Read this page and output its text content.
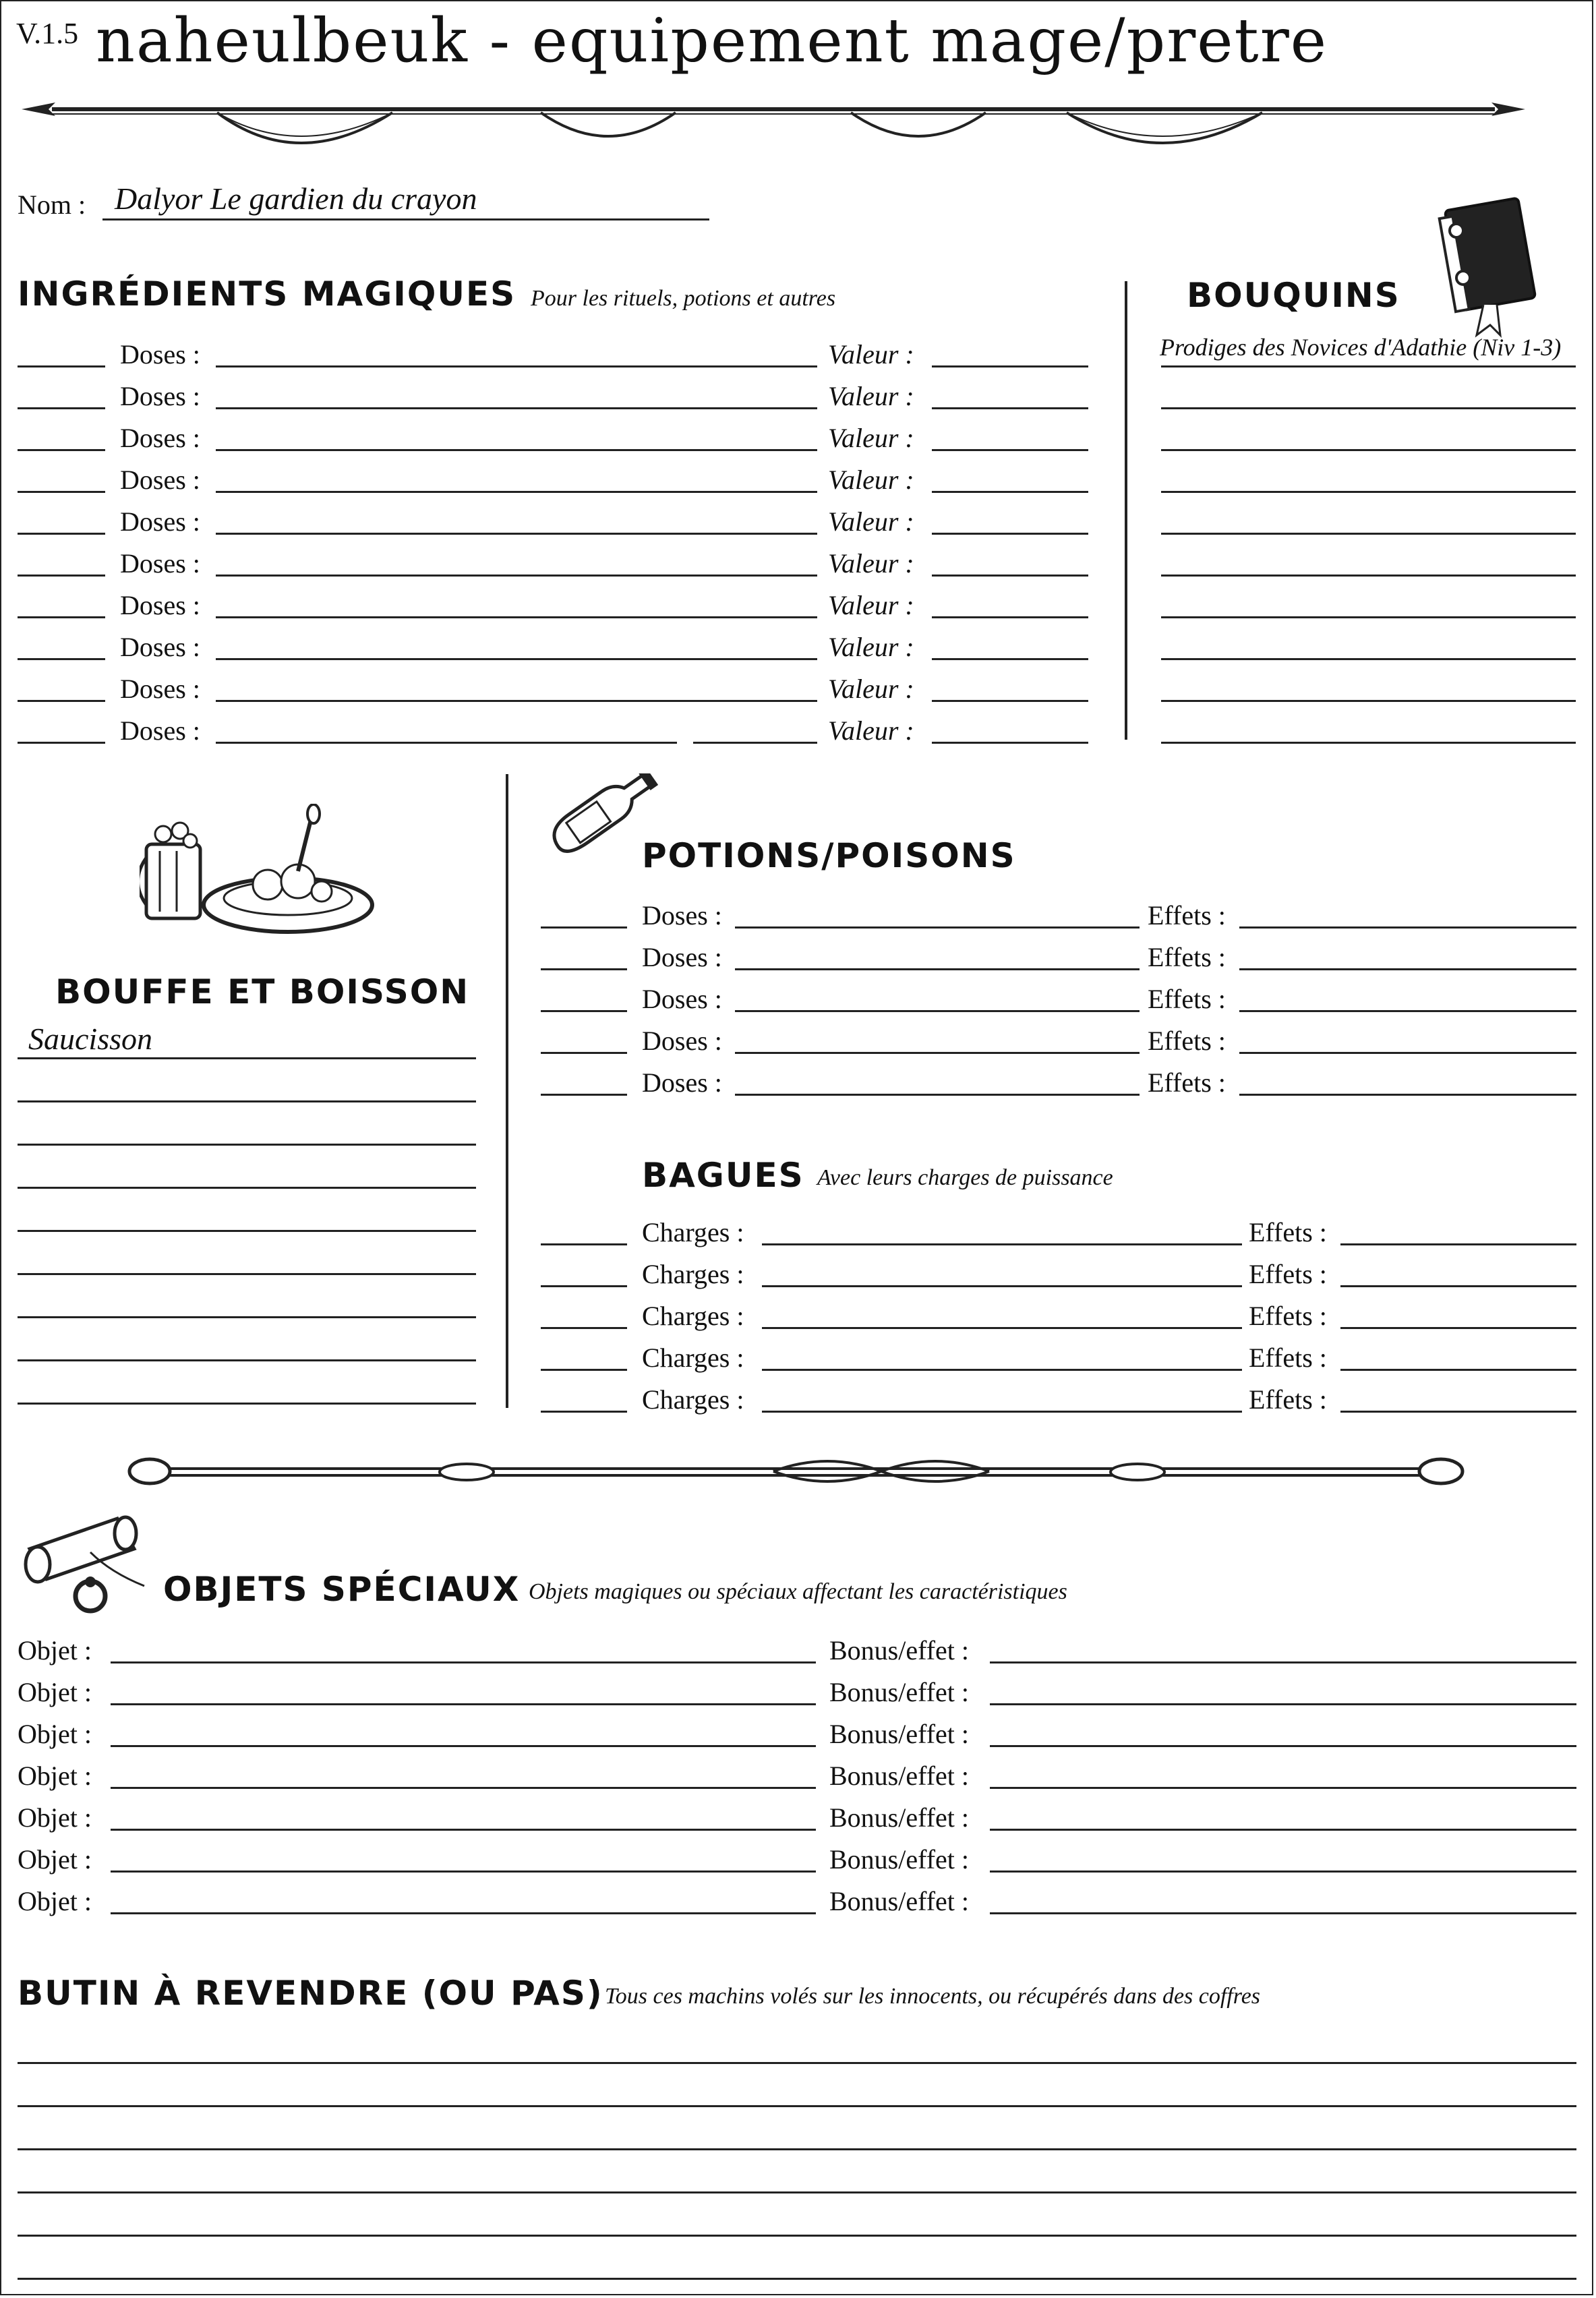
V.1.5 naheulbeuk - equipement mage/pretre
Nom : Dalyor Le gardien du crayon
INGRÉDIENTS MAGIQUES Pour les rituels, potions et autres
Doses :	Valeur :
Doses :	Valeur :
Doses :	Valeur :
Doses :	Valeur :
Doses :	Valeur :
Doses :	Valeur :
Doses :	Valeur :
Doses :	Valeur :
Doses :	Valeur :
Doses :	Valeur :
BOUQUINS
Prodiges des Novices d'Adathie (Niv 1-3)
BOUFFE ET BOISSON
Saucisson
POTIONS/POISONS
Doses :	Effets :
Doses :	Effets :
Doses :	Effets :
Doses :	Effets :
Doses :	Effets :
BAGUES Avec leurs charges de puissance
Charges :	Effets :
Charges :	Effets :
Charges :	Effets :
Charges :	Effets :
Charges :	Effets :
OBJETS SPÉCIAUX Objets magiques ou spéciaux affectant les caractéristiques
Objet :	Bonus/effet :
Objet :	Bonus/effet :
Objet :	Bonus/effet :
Objet :	Bonus/effet :
Objet :	Bonus/effet :
Objet :	Bonus/effet :
Objet :	Bonus/effet :
BUTIN À REVENDRE (OU PAS) Tous ces machins volés sur les innocents, ou récupérés dans des coffres
